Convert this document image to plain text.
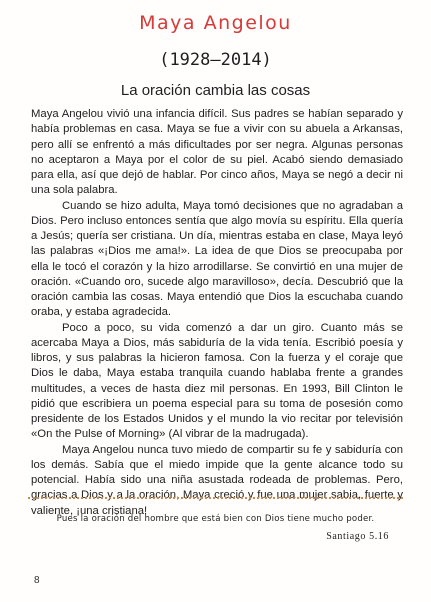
Maya Angelou
(1928–2014)
La oración cambia las cosas

Maya Angelou vivió una infancia difícil. Sus padres se habían separado y había problemas en casa. Maya se fue a vivir con su abuela a Arkansas, pero allí se enfrentó a más dificultades por ser negra. Algunas personas no aceptaron a Maya por el color de su piel. Acabó siendo demasiado para ella, así que dejó de hablar. Por cinco años, Maya se negó a decir ni una sola palabra.

Cuando se hizo adulta, Maya tomó decisiones que no agradaban a Dios. Pero incluso entonces sentía que algo movía su espíritu. Ella quería a Jesús; quería ser cristiana. Un día, mientras estaba en clase, Maya leyó las palabras «¡Dios me ama!». La idea de que Dios se preocupaba por ella le tocó el corazón y la hizo arrodillarse. Se convirtió en una mujer de oración. «Cuando oro, sucede algo maravilloso», decía. Descubrió que la oración cambia las cosas. Maya entendió que Dios la escuchaba cuando oraba, y estaba agradecida.

Poco a poco, su vida comenzó a dar un giro. Cuanto más se acercaba Maya a Dios, más sabiduría de la vida tenía. Escribió poesía y libros, y sus palabras la hicieron famosa. Con la fuerza y el coraje que Dios le daba, Maya estaba tranquila cuando hablaba frente a grandes multitudes, a veces de hasta diez mil personas. En 1993, Bill Clinton le pidió que escribiera un poema especial para su toma de posesión como presidente de los Estados Unidos y el mundo la vio recitar por televisión «On the Pulse of Morning» (Al vibrar de la madrugada).

Maya Angelou nunca tuvo miedo de compartir su fe y sabiduría con los demás. Sabía que el miedo impide que la gente alcance todo su potencial. Había sido una niña asustada rodeada de problemas. Pero, gracias a Dios y a la oración, Maya creció y fue una mujer sabia, fuerte y valiente, ¡una cristiana!

Pues la oración del hombre que está bien con Dios tiene mucho poder.
Santiago 5.16
8
